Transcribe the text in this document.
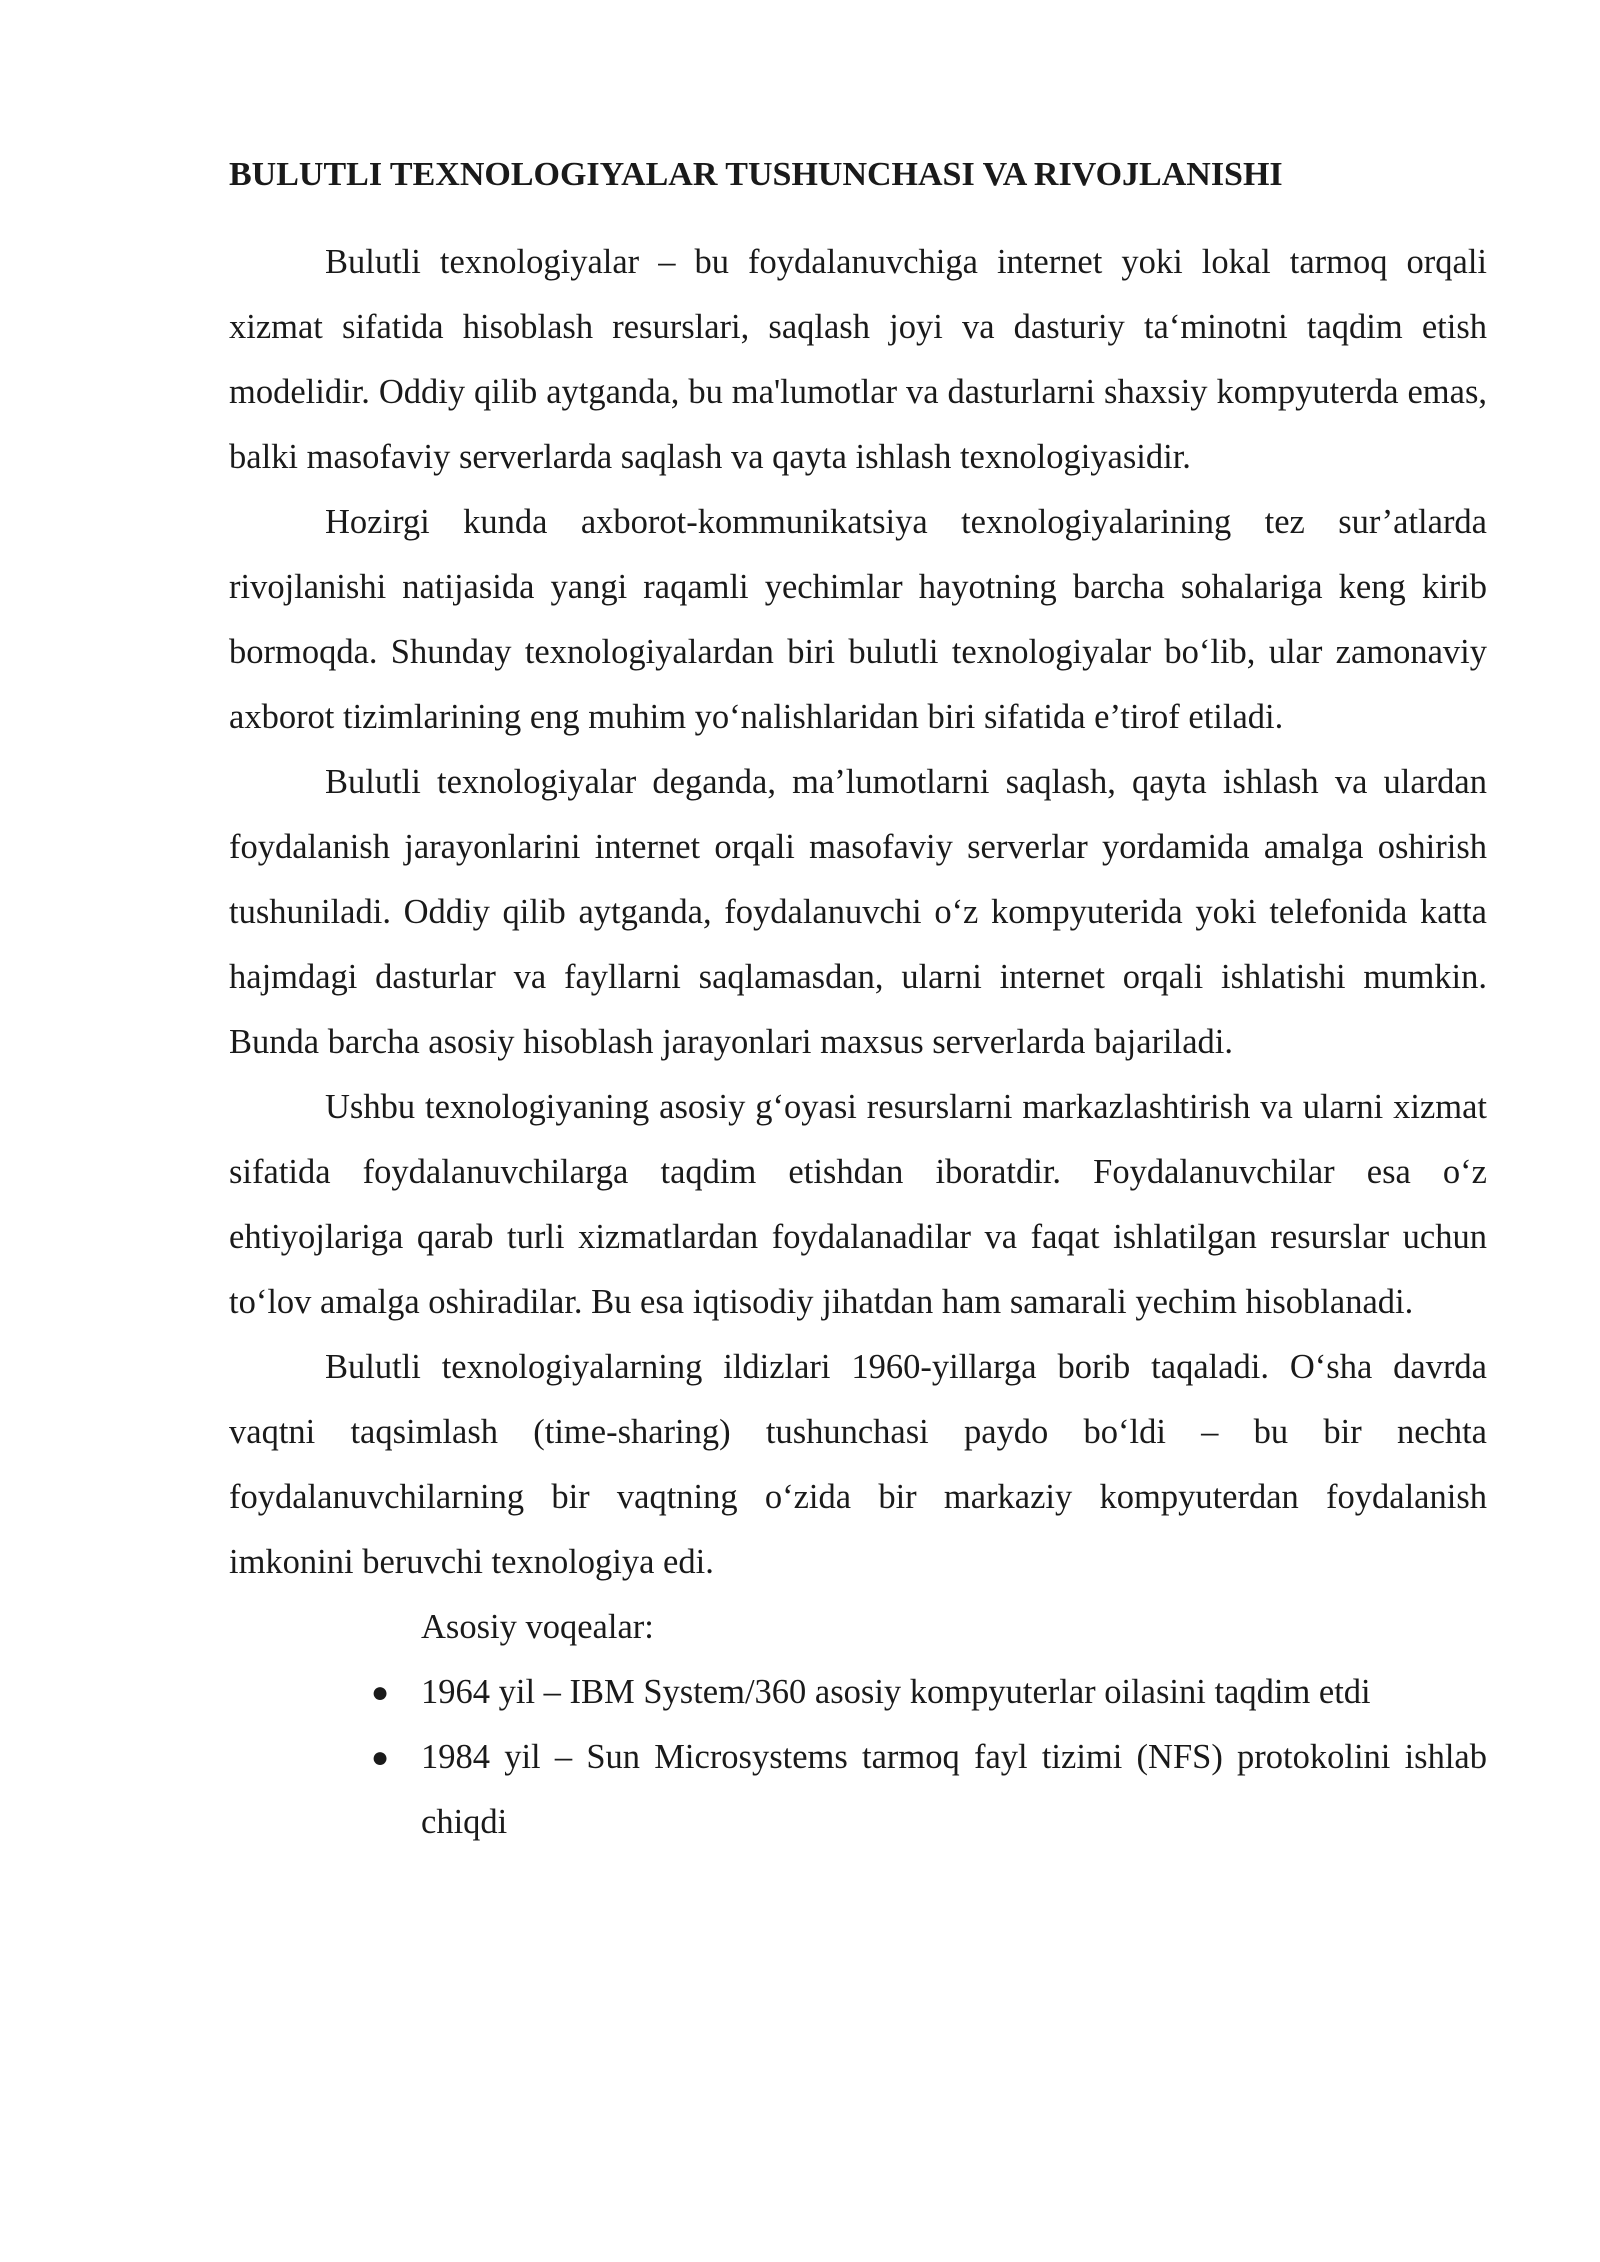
BULUTLI TEXNOLOGIYALAR TUSHUNCHASI VA RIVOJLANISHI

Bulutli texnologiyalar – bu foydalanuvchiga internet yoki lokal tarmoq orqali xizmat sifatida hisoblash resurslari, saqlash joyi va dasturiy ta‘minotni taqdim etish modelidir. Oddiy qilib aytganda, bu ma'lumotlar va dasturlarni shaxsiy kompyuterda emas, balki masofaviy serverlarda saqlash va qayta ishlash texnologiyasidir.

Hozirgi kunda axborot-kommunikatsiya texnologiyalarining tez sur’atlarda rivojlanishi natijasida yangi raqamli yechimlar hayotning barcha sohalariga keng kirib bormoqda. Shunday texnologiyalardan biri bulutli texnologiyalar bo‘lib, ular zamonaviy axborot tizimlarining eng muhim yo‘nalishlaridan biri sifatida e’tirof etiladi.

Bulutli texnologiyalar deganda, ma’lumotlarni saqlash, qayta ishlash va ulardan foydalanish jarayonlarini internet orqali masofaviy serverlar yordamida amalga oshirish tushuniladi. Oddiy qilib aytganda, foydalanuvchi o‘z kompyuterida yoki telefonida katta hajmdagi dasturlar va fayllarni saqlamasdan, ularni internet orqali ishlatishi mumkin. Bunda barcha asosiy hisoblash jarayonlari maxsus serverlarda bajariladi.

Ushbu texnologiyaning asosiy g‘oyasi resurslarni markazlashtirish va ularni xizmat sifatida foydalanuvchilarga taqdim etishdan iboratdir. Foydalanuvchilar esa o‘z ehtiyojlariga qarab turli xizmatlardan foydalanadilar va faqat ishlatilgan resurslar uchun to‘lov amalga oshiradilar. Bu esa iqtisodiy jihatdan ham samarali yechim hisoblanadi.

Bulutli texnologiyalarning ildizlari 1960-yillarga borib taqaladi. O‘sha davrda vaqtni taqsimlash (time-sharing) tushunchasi paydo bo‘ldi – bu bir nechta foydalanuvchilarning bir vaqtning o‘zida bir markaziy kompyuterdan foydalanish imkonini beruvchi texnologiya edi.

Asosiy voqealar:

● 1964 yil – IBM System/360 asosiy kompyuterlar oilasini taqdim etdi
● 1984 yil – Sun Microsystems tarmoq fayl tizimi (NFS) protokolini ishlab chiqdi
